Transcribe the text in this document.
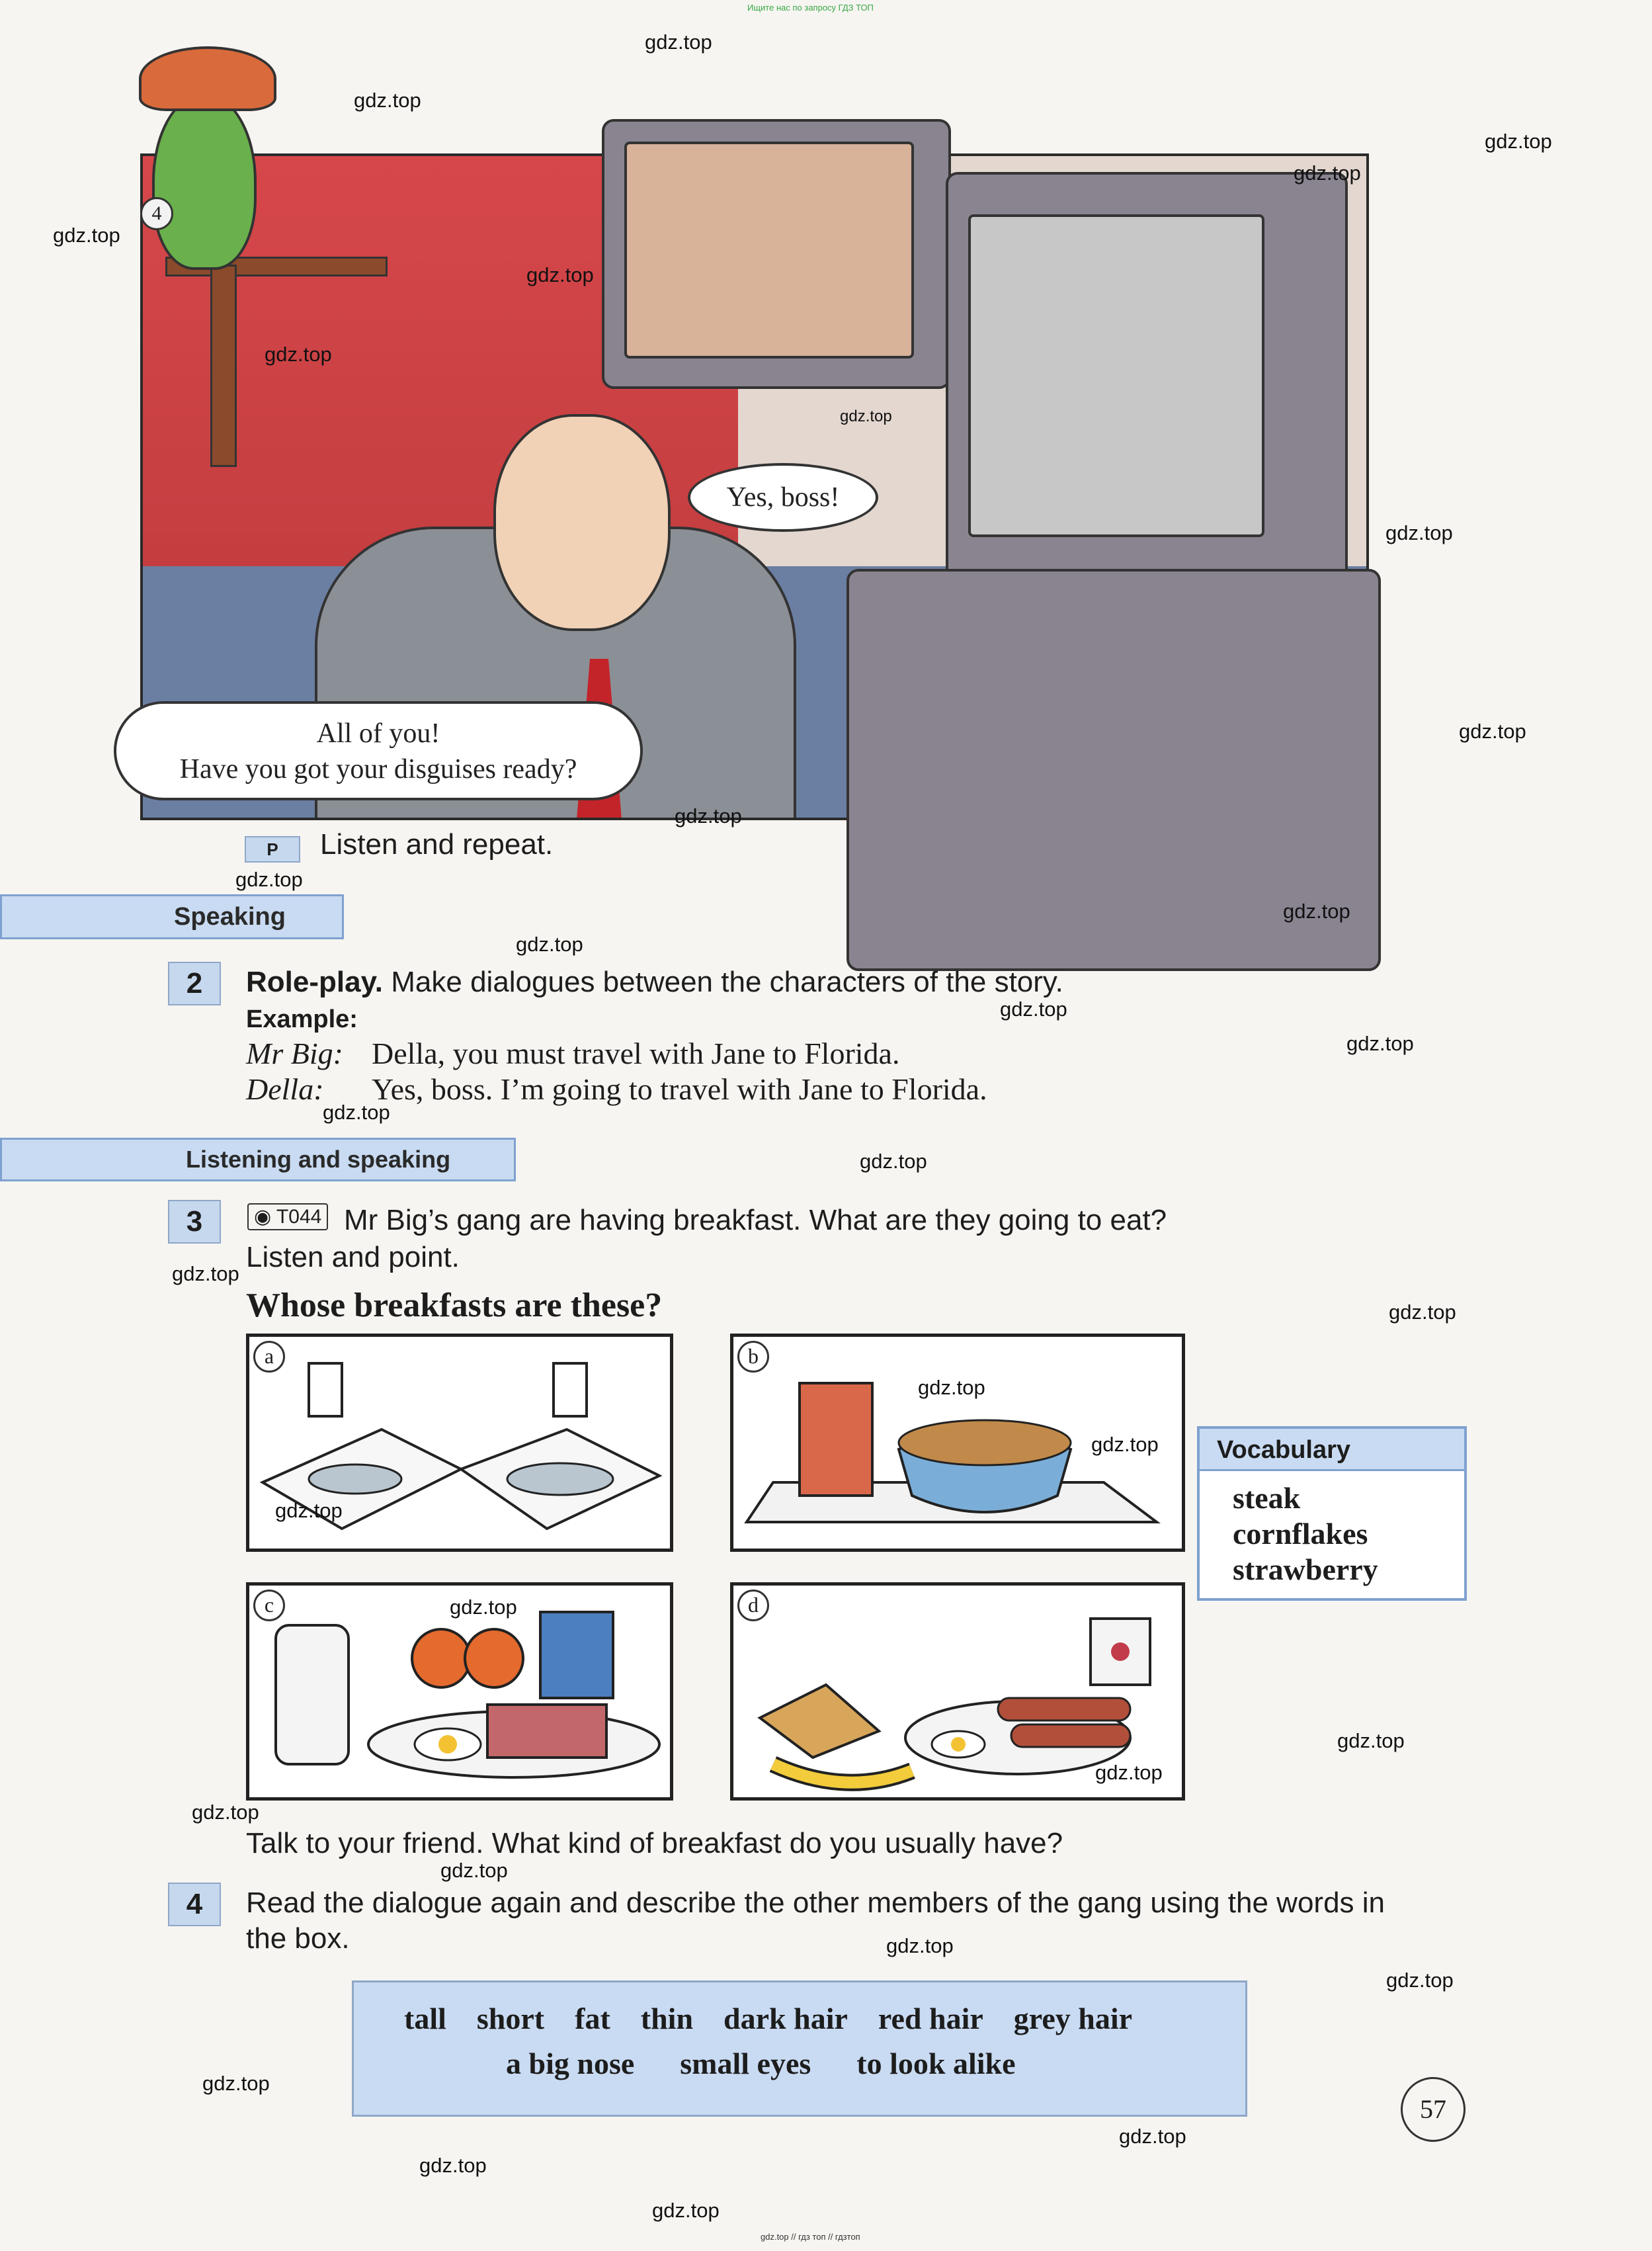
Ищите нас по запросу ГДЗ ТОП
gdz.top // гдз топ // гдзтоп
4
Yes, boss!
All of you!
Have you got your disguises ready?
P	Listen and repeat.
Speaking
2	Role-play. Make dialogues between the characters of the story.
Example:
Mr Big: Della, you must travel with Jane to Florida.
Della: Yes, boss. I’m going to travel with Jane to Florida.
Listening and speaking
3	◉ T044 Mr Big’s gang are having breakfast. What are they going to eat?
Listen and point.
Whose breakfasts are these?
a	b
c	d
Vocabulary
steak
cornflakes
strawberry
Talk to your friend. What kind of breakfast do you usually have?
4	Read the dialogue again and describe the other members of the gang using the words in
the box.
tall short fat thin dark hair red hair grey hair
a big nose small eyes to look alike
57
gdz.top
gdz.top
gdz.top
gdz.top
gdz.top
gdz.top
gdz.top
gdz.top
gdz.top
gdz.top
gdz.top
gdz.top
gdz.top
gdz.top
gdz.top
gdz.top
gdz.top
gdz.top
gdz.top
gdz.top
gdz.top
gdz.top
gdz.top
gdz.top
gdz.top
gdz.top
gdz.top
gdz.top
gdz.top
gdz.top
gdz.top
gdz.top
gdz.top
gdz.top
